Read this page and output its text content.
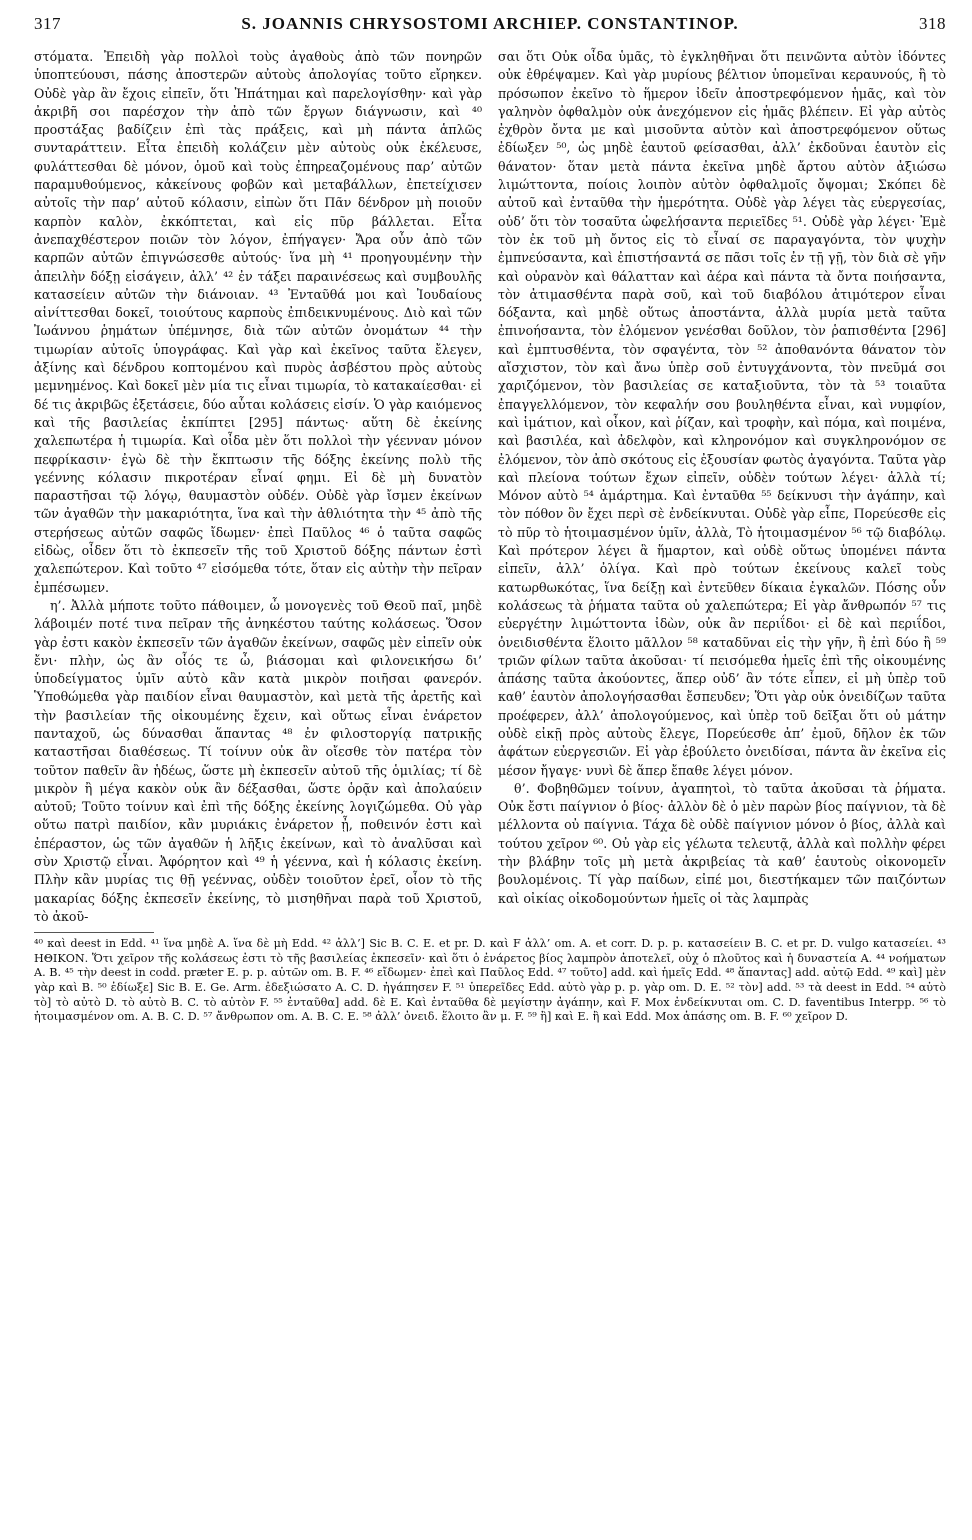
317	S. JOANNIS CHRYSOSTOMI ARCHIEP. CONSTANTINOP.	318

στόματα. Ἐπειδὴ γὰρ πολλοὶ τοὺς ἀγαθοὺς ἀπὸ τῶν πονηρῶν ὑποπτεύουσι, πάσης ἀποστερῶν αὐτοὺς ἀπολογίας τοῦτο εἴρηκεν. Οὐδὲ γὰρ ἂν ἔχοις εἰπεῖν, ὅτι Ἠπάτημαι καὶ παρελογίσθην· καὶ γὰρ ἀκριβῆ σοι παρέσχον τὴν ἀπὸ τῶν ἔργων διάγνωσιν, καὶ ⁴⁰ προστάξας βαδίζειν ἐπὶ τὰς πράξεις, καὶ μὴ πάντα ἁπλῶς συνταράττειν. Εἶτα ἐπειδὴ κολάζειν μὲν αὐτοὺς οὐκ ἐκέλευσε, φυλάττεσθαι δὲ μόνον, ὁμοῦ καὶ τοὺς ἐπηρεαζομένους παρ’ αὐτῶν παραμυθούμενος, κἀκείνους φοβῶν καὶ μεταβάλλων, ἐπετείχισεν αὐτοῖς τὴν παρ’ αὐτοῦ κόλασιν, εἰπὼν ὅτι Πᾶν δένδρον μὴ ποιοῦν καρπὸν καλὸν, ἐκκόπτεται, καὶ εἰς πῦρ βάλλεται. Εἶτα ἀνεπαχθέστερον ποιῶν τὸν λόγον, ἐπήγαγεν· Ἄρα οὖν ἀπὸ τῶν καρπῶν αὐτῶν ἐπιγνώσεσθε αὐτούς· ἵνα μὴ ⁴¹ προηγουμένην τὴν ἀπειλὴν δόξῃ εἰσάγειν, ἀλλ’ ⁴² ἐν τάξει παραινέσεως καὶ συμβουλῆς κατασείειν αὐτῶν τὴν διάνοιαν. ⁴³ Ἐνταῦθά μοι καὶ Ἰουδαίους αἰνίττεσθαι δοκεῖ, τοιούτους καρποὺς ἐπιδεικνυμένους. Διὸ καὶ τῶν Ἰωάννου ῥημάτων ὑπέμνησε, διὰ τῶν αὐτῶν ὀνομάτων ⁴⁴ τὴν τιμωρίαν αὐτοῖς ὑπογράφας. Καὶ γὰρ καὶ ἐκεῖνος ταῦτα ἔλεγεν, ἀξίνης καὶ δένδρου κοπτομένου καὶ πυρὸς ἀσβέστου πρὸς αὐτοὺς μεμνημένος. Καὶ δοκεῖ μὲν μία τις εἶναι τιμωρία, τὸ κατακαίεσθαι· εἰ δέ τις ἀκριβῶς ἐξετάσειε, δύο αὗται κολάσεις εἰσίν. Ὁ γὰρ καιόμενος καὶ τῆς βασιλείας ἐκπίπτει [295] πάντως· αὕτη δὲ ἐκείνης χαλεπωτέρα ἡ τιμωρία. Καὶ οἶδα μὲν ὅτι πολλοὶ τὴν γέενναν μόνον πεφρίκασιν· ἐγὼ δὲ τὴν ἔκπτωσιν τῆς δόξης ἐκείνης πολὺ τῆς γεέννης κόλασιν πικροτέραν εἶναί φημι. Εἰ δὲ μὴ δυνατὸν παραστῆσαι τῷ λόγῳ, θαυμαστὸν οὐδέν. Οὐδὲ γὰρ ἴσμεν ἐκείνων τῶν ἀγαθῶν τὴν μακαριότητα, ἵνα καὶ τὴν ἀθλιότητα τὴν ⁴⁵ ἀπὸ τῆς στερήσεως αὐτῶν σαφῶς ἴδωμεν· ἐπεὶ Παῦλος ⁴⁶ ὁ ταῦτα σαφῶς εἰδὼς, οἶδεν ὅτι τὸ ἐκπεσεῖν τῆς τοῦ Χριστοῦ δόξης πάντων ἐστὶ χαλεπώτερον. Καὶ τοῦτο ⁴⁷ εἰσόμεθα τότε, ὅταν εἰς αὐτὴν τὴν πεῖραν ἐμπέσωμεν.

η’. Ἀλλὰ μήποτε τοῦτο πάθοιμεν, ὦ μονογενὲς τοῦ Θεοῦ παῖ, μηδὲ λάβοιμέν ποτέ τινα πεῖραν τῆς ἀνηκέστου ταύτης κολάσεως. Ὅσον γὰρ ἐστι κακὸν ἐκπεσεῖν τῶν ἀγαθῶν ἐκείνων, σαφῶς μὲν εἰπεῖν οὐκ ἔνι· πλὴν, ὡς ἂν οἷός τε ὦ, βιάσομαι καὶ φιλονεικήσω δι’ ὑποδείγματος ὑμῖν αὐτὸ κἂν κατὰ μικρὸν ποιῆσαι φανερόν. Ὑποθώμεθα γὰρ παιδίον εἶναι θαυμαστὸν, καὶ μετὰ τῆς ἀρετῆς καὶ τὴν βασιλείαν τῆς οἰκουμένης ἔχειν, καὶ οὕτως εἶναι ἐνάρετον πανταχοῦ, ὡς δύνασθαι ἅπαντας ⁴⁸ ἐν φιλοστοργίᾳ πατρικῇς καταστῆσαι διαθέσεως. Τί τοίνυν οὐκ ἂν οἴεσθε τὸν πατέρα τὸν τοῦτον παθεῖν ἂν ἡδέως, ὥστε μὴ ἐκπεσεῖν αὐτοῦ τῆς ὁμιλίας; τί δὲ μικρὸν ἢ μέγα κακὸν οὐκ ἂν δέξασθαι, ὥστε ὁρᾷν καὶ ἀπολαύειν αὐτοῦ; Τοῦτο τοίνυν καὶ ἐπὶ τῆς δόξης ἐκείνης λογιζώμεθα. Οὐ γὰρ οὕτω πατρὶ παιδίον, κἂν μυριάκις ἐνάρετον ᾖ, ποθεινόν ἐστι καὶ ἐπέραστον, ὡς τῶν ἀγαθῶν ἡ λῆξις ἐκείνων, καὶ τὸ ἀναλῦσαι καὶ σὺν Χριστῷ εἶναι. Ἀφόρητον καὶ ⁴⁹ ἡ γέεννα, καὶ ἡ κόλασις ἐκείνη. Πλὴν κἂν μυρίας τις θῇ γεέννας, οὐδὲν τοιοῦτον ἐρεῖ, οἷον τὸ τῆς μακαρίας δόξης ἐκπεσεῖν ἐκείνης, τὸ μισηθῆναι παρὰ τοῦ Χριστοῦ, τὸ ἀκοῦ-

σαι ὅτι Οὐκ οἶδα ὑμᾶς, τὸ ἐγκληθῆναι ὅτι πεινῶντα αὐτὸν ἰδόντες οὐκ ἐθρέψαμεν. Καὶ γὰρ μυρίους βέλτιον ὑπομεῖναι κεραυνούς, ἢ τὸ πρόσωπον ἐκεῖνο τὸ ἥμερον ἰδεῖν ἀποστρεφόμενον ἡμᾶς, καὶ τὸν γαληνὸν ὀφθαλμὸν οὐκ ἀνεχόμενον εἰς ἡμᾶς βλέπειν. Εἰ γὰρ αὐτὸς ἐχθρὸν ὄντα με καὶ μισοῦντα αὐτὸν καὶ ἀποστρεφόμενον οὕτως ἐδίωξεν ⁵⁰, ὡς μηδὲ ἑαυτοῦ φείσασθαι, ἀλλ’ ἐκδοῦναι ἑαυτὸν εἰς θάνατον· ὅταν μετὰ πάντα ἐκεῖνα μηδὲ ἄρτου αὐτὸν ἀξιώσω λιμώττοντα, ποίοις λοιπὸν αὐτὸν ὀφθαλμοῖς ὄψομαι; Σκόπει δὲ αὐτοῦ καὶ ἐνταῦθα τὴν ἡμερότητα. Οὐδὲ γὰρ λέγει τὰς εὐεργεσίας, οὐδ’ ὅτι τὸν τοσαῦτα ὠφελήσαντα περιεῖδες ⁵¹. Οὐδὲ γὰρ λέγει· Ἐμὲ τὸν ἐκ τοῦ μὴ ὄντος εἰς τὸ εἶναί σε παραγαγόντα, τὸν ψυχὴν ἐμπνεύσαντα, καὶ ἐπιστήσαντά σε πᾶσι τοῖς ἐν τῇ γῇ, τὸν διὰ σὲ γῆν καὶ οὐρανὸν καὶ θάλατταν καὶ ἀέρα καὶ πάντα τὰ ὄντα ποιήσαντα, τὸν ἀτιμασθέντα παρὰ σοῦ, καὶ τοῦ διαβόλου ἀτιμότερον εἶναι δόξαντα, καὶ μηδὲ οὕτως ἀποστάντα, ἀλλὰ μυρία μετὰ ταῦτα ἐπινοήσαντα, τὸν ἐλόμενον γενέσθαι δοῦλον, τὸν ῥαπισθέντα [296] καὶ ἐμπτυσθέντα, τὸν σφαγέντα, τὸν ⁵² ἀποθανόντα θάνατον τὸν αἴσχιστον, τὸν καὶ ἄνω ὑπὲρ σοῦ ἐντυγχάνοντα, τὸν πνεῦμά σοι χαριζόμενον, τὸν βασιλείας σε καταξιοῦντα, τὸν τὰ ⁵³ τοιαῦτα ἐπαγγελλόμενον, τὸν κεφαλήν σου βουληθέντα εἶναι, καὶ νυμφίον, καὶ ἱμάτιον, καὶ οἶκον, καὶ ῥίζαν, καὶ τροφὴν, καὶ πόμα, καὶ ποιμένα, καὶ βασιλέα, καὶ ἀδελφὸν, καὶ κληρονόμον καὶ συγκληρονόμον σε ἐλόμενον, τὸν ἀπὸ σκότους εἰς ἐξουσίαν φωτὸς ἀγαγόντα. Ταῦτα γὰρ καὶ πλείονα τούτων ἔχων εἰπεῖν, οὐδὲν τούτων λέγει· ἀλλὰ τί; Μόνον αὐτὸ ⁵⁴ ἁμάρτημα. Καὶ ἐνταῦθα ⁵⁵ δείκνυσι τὴν ἀγάπην, καὶ τὸν πόθον ὃν ἔχει περὶ σὲ ἐνδείκνυται. Οὐδὲ γὰρ εἶπε, Πορεύεσθε εἰς τὸ πῦρ τὸ ἡτοιμασμένον ὑμῖν, ἀλλὰ, Τὸ ἡτοιμασμένον ⁵⁶ τῷ διαβόλῳ. Καὶ πρότερον λέγει ἃ ἥμαρτον, καὶ οὐδὲ οὕτως ὑπομένει πάντα εἰπεῖν, ἀλλ’ ὀλίγα. Καὶ πρὸ τούτων ἐκείνους καλεῖ τοὺς κατωρθωκότας, ἵνα δείξῃ καὶ ἐντεῦθεν δίκαια ἐγκαλῶν. Πόσης οὖν κολάσεως τὰ ῥήματα ταῦτα οὐ χαλεπώτερα; Εἰ γὰρ ἄνθρωπόν ⁵⁷ τις εὐεργέτην λιμώττοντα ἰδὼν, οὐκ ἂν περιΐδοι· εἰ δὲ καὶ περιΐδοι, ὀνειδισθέντα ἕλοιτο μᾶλλον ⁵⁸ καταδῦναι εἰς τὴν γῆν, ἢ ἐπὶ δύο ἢ ⁵⁹ τριῶν φίλων ταῦτα ἀκοῦσαι· τί πεισόμεθα ἡμεῖς ἐπὶ τῆς οἰκουμένης ἁπάσης ταῦτα ἀκούοντες, ἅπερ οὐδ’ ἂν τότε εἶπεν, εἰ μὴ ὑπὲρ τοῦ καθ’ ἑαυτὸν ἀπολογήσασθαι ἔσπευδεν; Ὅτι γὰρ οὐκ ὀνειδίζων ταῦτα προέφερεν, ἀλλ’ ἀπολογούμενος, καὶ ὑπὲρ τοῦ δεῖξαι ὅτι οὐ μάτην οὐδὲ εἰκῇ πρὸς αὐτοὺς ἔλεγε, Πορεύεσθε ἀπ’ ἐμοῦ, δῆλον ἐκ τῶν ἀφάτων εὐεργεσιῶν. Εἰ γὰρ ἐβούλετο ὀνειδίσαι, πάντα ἂν ἐκεῖνα εἰς μέσον ἤγαγε· νυνὶ δὲ ἅπερ ἔπαθε λέγει μόνον.

θ’. Φοβηθῶμεν τοίνυν, ἀγαπητοὶ, τὸ ταῦτα ἀκοῦσαι τὰ ῥήματα. Οὐκ ἔστι παίγνιον ὁ βίος· ἀλλὸν δὲ ὁ μὲν παρὼν βίος παίγνιον, τὰ δὲ μέλλοντα οὐ παίγνια. Τάχα δὲ οὐδὲ παίγνιον μόνον ὁ βίος, ἀλλὰ καὶ τούτου χεῖρον ⁶⁰. Οὐ γὰρ εἰς γέλωτα τελευτᾷ, ἀλλὰ καὶ πολλὴν φέρει τὴν βλάβην τοῖς μὴ μετὰ ἀκριβείας τὰ καθ’ ἑαυτοὺς οἰκονομεῖν βουλομένοις. Τί γὰρ παίδων, εἰπέ μοι, διεστήκαμεν τῶν παιζόντων καὶ οἰκίας οἰκοδομούντων ἡμεῖς οἱ τὰς λαμπρὰς

⁴⁰ καὶ deest in Edd. ⁴¹ ἵνα μηδὲ A. ἵνα δὲ μὴ Edd. ⁴² ἀλλ’] Sic B. C. E. et pr. D. καὶ F ἀλλ’ om. A. et corr. D. p. p. κατασείειν B. C. et pr. D. vulgo κατασείει. ⁴³ ΗΘΙΚΟΝ. Ὅτι χεῖρον τῆς κολάσεως ἐστι τὸ τῆς βασιλείας ἐκπεσεῖν· καὶ ὅτι ὁ ἐνάρετος βίος λαμπρὸν ἀποτελεῖ, οὐχ ὁ πλοῦτος καὶ ἡ δυναστεία A. ⁴⁴ νοήματων A. B. ⁴⁵ τὴν deest in codd. præter E. p. p. αὐτῶν om. B. F. ⁴⁶ εἴδωμεν· ἐπεὶ καὶ Παῦλος Edd. ⁴⁷ τοῦτο] add. καὶ ἡμεῖς Edd. ⁴⁸ ἅπαντας] add. αὐτῷ Edd. ⁴⁹ καὶ] μὲν γὰρ καὶ B. ⁵⁰ ἐδίωξε] Sic B. E. Ge. Arm. ἐδεξιώσατο A. C. D. ἠγάπησεν F. ⁵¹ ὑπερεῖδες Edd. αὐτὸ γὰρ p. p. γὰρ om. D. E. ⁵² τὸν] add. ⁵³ τὰ deest in Edd. ⁵⁴ αὐτὸ τὸ] τὸ αὐτὸ D. τὸ αὐτὸ B. C. τὸ αὐτὸν F. ⁵⁵ ἐνταῦθα] add. δὲ E. Καὶ ἐνταῦθα δὲ μεγίστην ἀγάπην, καὶ F. Mox ἐνδείκνυται om. C. D. faventibus Interpp. ⁵⁶ τὸ ἡτοιμασμένον om. A. B. C. D. ⁵⁷ ἄνθρωπον om. A. B. C. E. ⁵⁸ ἀλλ’ ὀνειδ. ἕλοιτο ἂν μ. F. ⁵⁹ ἢ] καὶ E. ἢ καὶ Edd. Mox ἁπάσης om. B. F. ⁶⁰ χεῖρον D.
